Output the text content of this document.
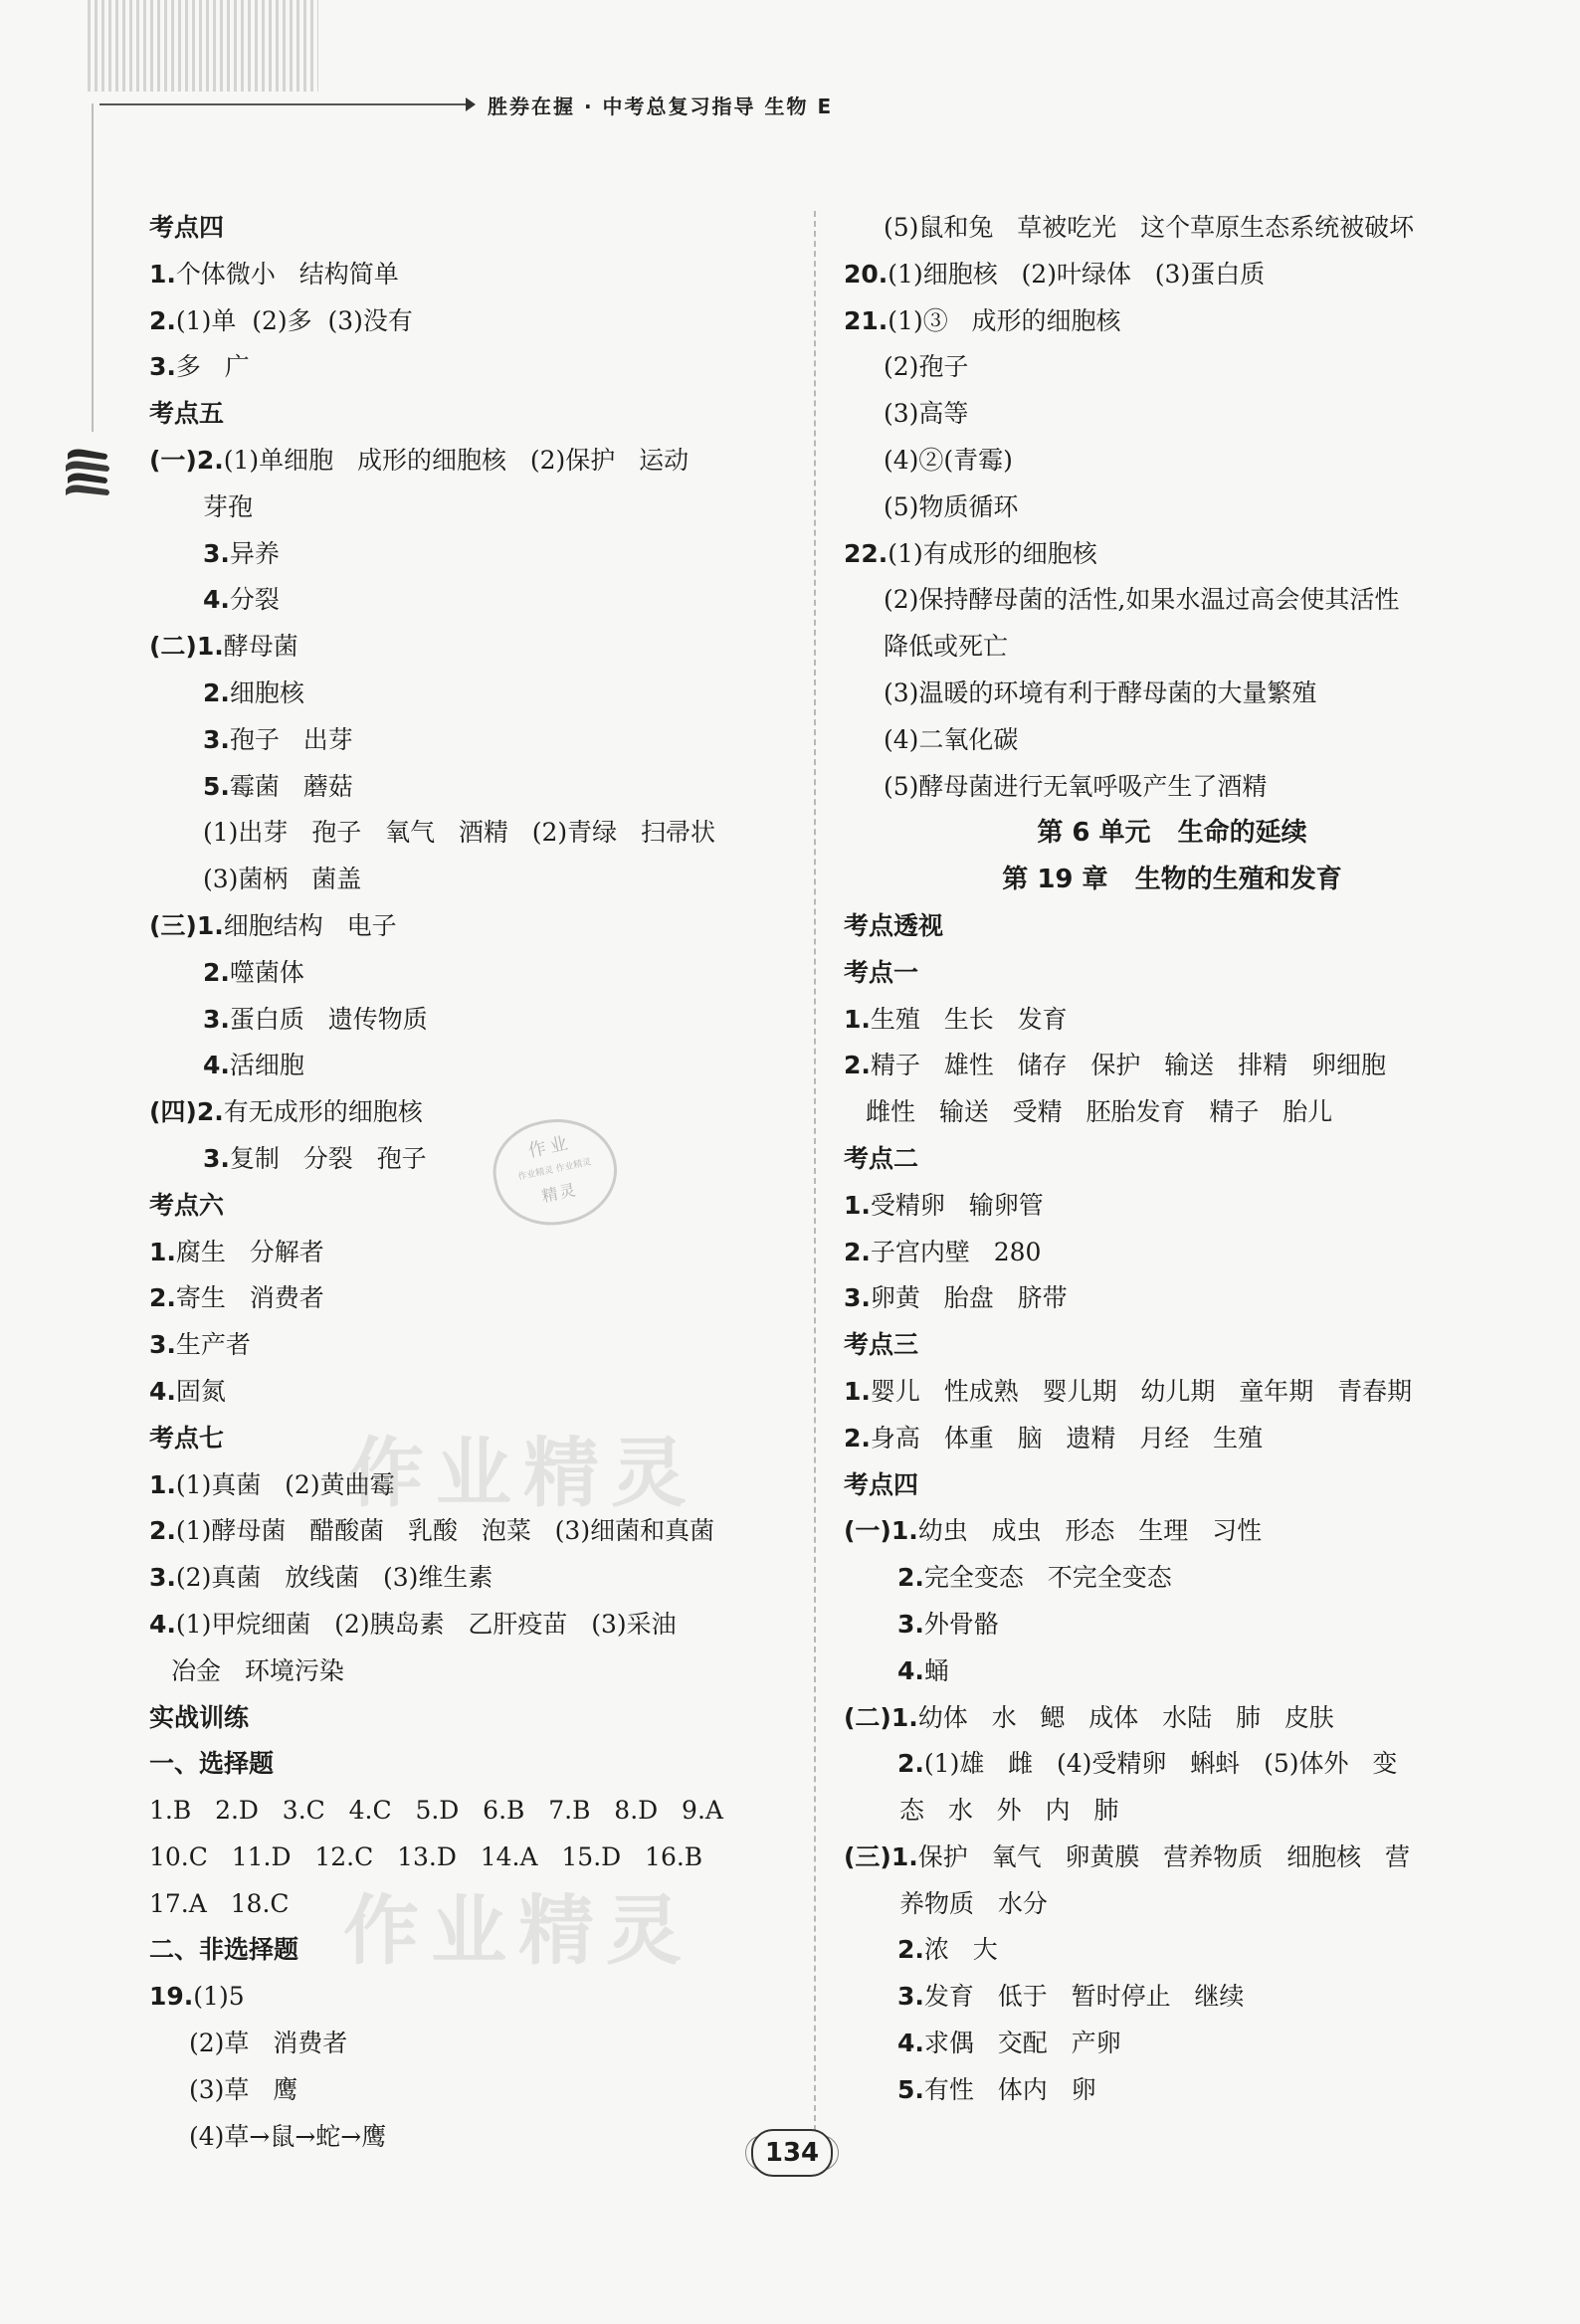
胜券在握 · 中考总复习指导 生物 E
考点四
1.个体微小   结构简单
2.(1)单  (2)多  (3)没有
3.多   广
考点五
(一)2.(1)单细胞   成形的细胞核   (2)保护   运动
芽孢
3.异养
4.分裂
(二)1.酵母菌
2.细胞核
3.孢子   出芽
5.霉菌   蘑菇
(1)出芽   孢子   氧气   酒精   (2)青绿   扫帚状
(3)菌柄   菌盖
(三)1.细胞结构   电子
2.噬菌体
3.蛋白质   遗传物质
4.活细胞
(四)2.有无成形的细胞核
3.复制   分裂   孢子
考点六
1.腐生   分解者
2.寄生   消费者
3.生产者
4.固氮
考点七
1.(1)真菌   (2)黄曲霉
2.(1)酵母菌   醋酸菌   乳酸   泡菜   (3)细菌和真菌
3.(2)真菌   放线菌   (3)维生素
4.(1)甲烷细菌   (2)胰岛素   乙肝疫苗   (3)采油
冶金   环境污染
实战训练
一、选择题
1.B   2.D   3.C   4.C   5.D   6.B   7.B   8.D   9.A
10.C   11.D   12.C   13.D   14.A   15.D   16.B
17.A   18.C
二、非选择题
19.(1)5
(2)草   消费者
(3)草   鹰
(4)草→鼠→蛇→鹰
(5)鼠和兔   草被吃光   这个草原生态系统被破坏
20.(1)细胞核   (2)叶绿体   (3)蛋白质
21.(1)③   成形的细胞核
(2)孢子
(3)高等
(4)②(青霉)
(5)物质循环
22.(1)有成形的细胞核
(2)保持酵母菌的活性,如果水温过高会使其活性
降低或死亡
(3)温暖的环境有利于酵母菌的大量繁殖
(4)二氧化碳
(5)酵母菌进行无氧呼吸产生了酒精
第 6 单元   生命的延续
第 19 章   生物的生殖和发育
考点透视
考点一
1.生殖   生长   发育
2.精子   雄性   储存   保护   输送   排精   卵细胞
雌性   输送   受精   胚胎发育   精子   胎儿
考点二
1.受精卵   输卵管
2.子宫内壁   280
3.卵黄   胎盘   脐带
考点三
1.婴儿   性成熟   婴儿期   幼儿期   童年期   青春期
2.身高   体重   脑   遗精   月经   生殖
考点四
(一)1.幼虫   成虫   形态   生理   习性
2.完全变态   不完全变态
3.外骨骼
4.蛹
(二)1.幼体   水   鳃   成体   水陆   肺   皮肤
2.(1)雄   雌   (4)受精卵   蝌蚪   (5)体外   变
态   水   外   内   肺
(三)1.保护   氧气   卵黄膜   营养物质   细胞核   营
养物质   水分
2.浓   大
3.发育   低于   暂时停止   继续
4.求偶   交配   产卵
5.有性   体内   卵
作业精灵
作业精灵
作业
作业精灵 作业精灵
精灵
134
